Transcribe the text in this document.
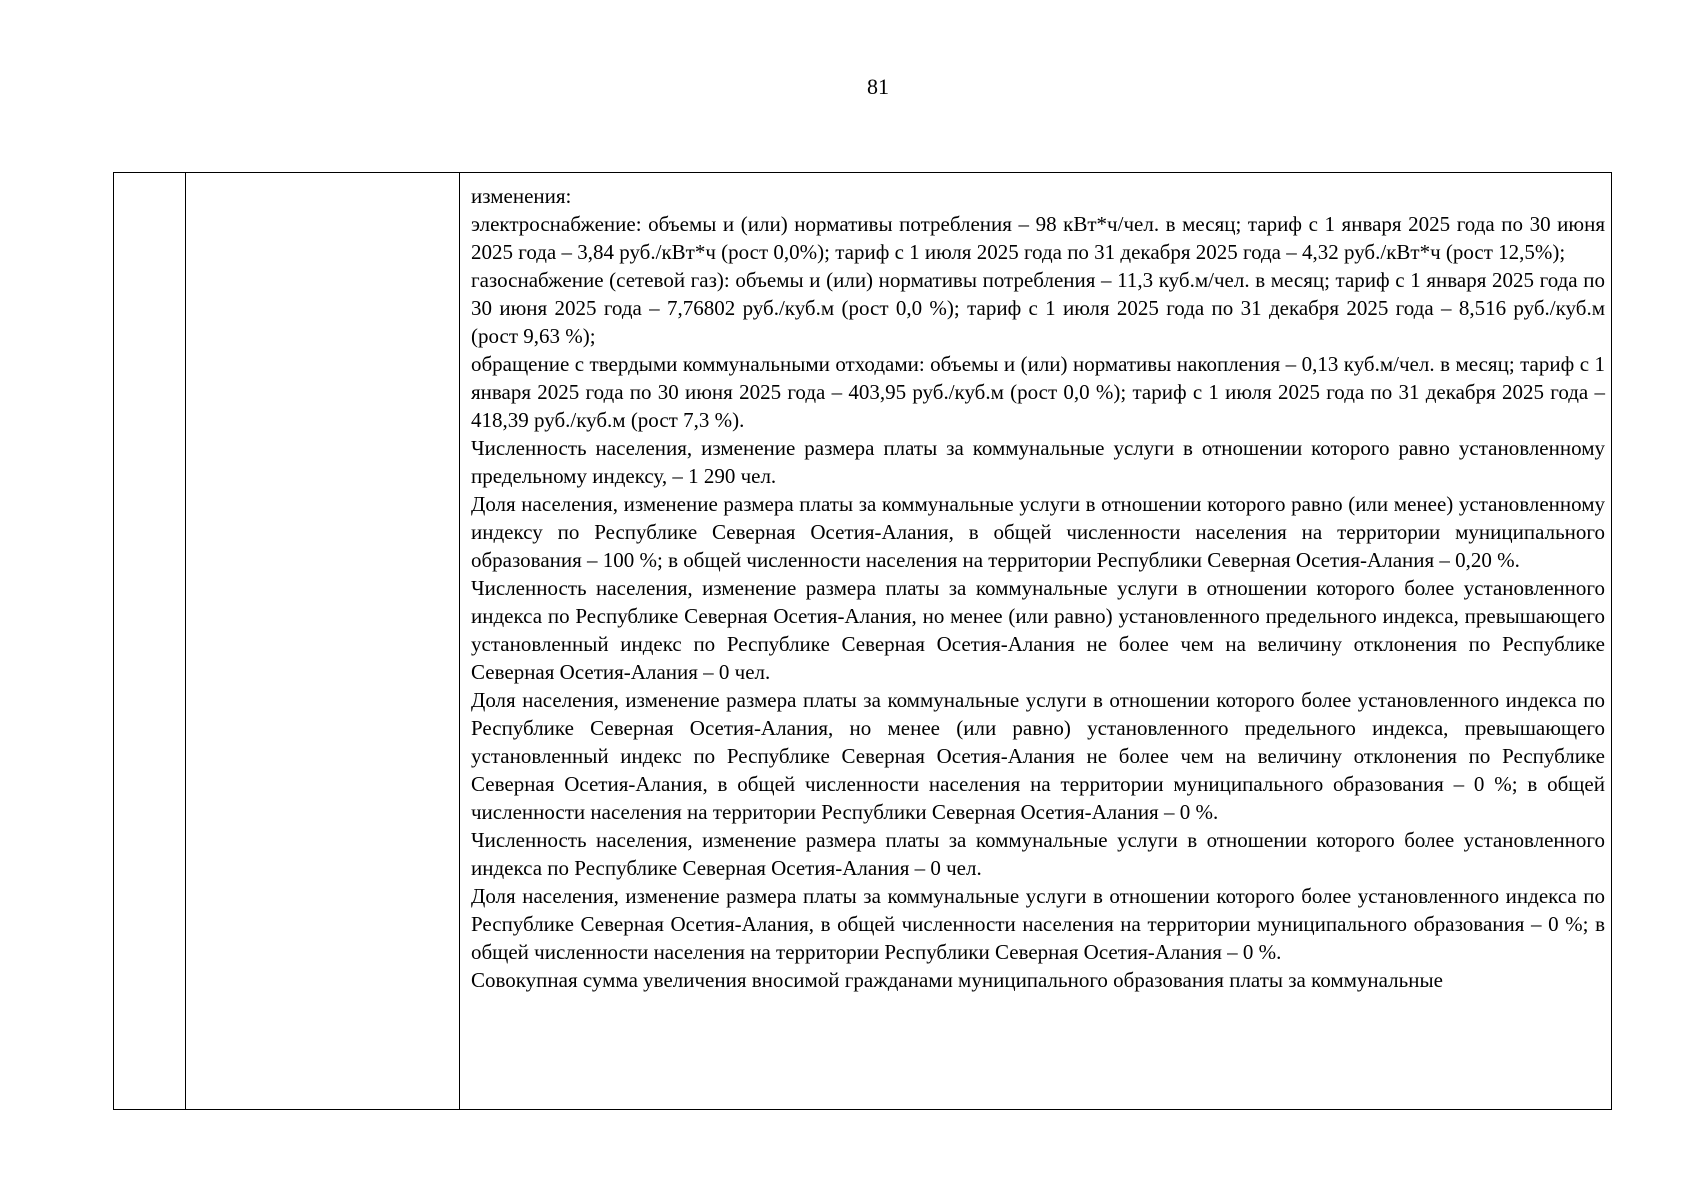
81

изменения:

электроснабжение: объемы и (или) нормативы потребления – 98 кВт*ч/чел. в месяц; тариф с 1 января 2025 года по 30 июня 2025 года – 3,84 руб./кВт*ч (рост 0,0%); тариф с 1 июля 2025 года по 31 декабря 2025 года – 4,32 руб./кВт*ч (рост 12,5%);

газоснабжение (сетевой газ): объемы и (или) нормативы потребления – 11,3 куб.м/чел. в месяц; тариф с 1 января 2025 года по 30 июня 2025 года – 7,76802 руб./куб.м (рост 0,0 %); тариф с 1 июля 2025 года по 31 декабря 2025 года – 8,516 руб./куб.м (рост 9,63 %);

обращение с твердыми коммунальными отходами: объемы и (или) нормативы накопления – 0,13 куб.м/чел. в месяц; тариф с 1 января 2025 года по 30 июня 2025 года – 403,95 руб./куб.м (рост 0,0 %); тариф с 1 июля 2025 года по 31 декабря 2025 года – 418,39 руб./куб.м (рост 7,3 %).

Численность населения, изменение размера платы за коммунальные услуги в отношении которого равно установленному предельному индексу, – 1 290 чел.

Доля населения, изменение размера платы за коммунальные услуги в отношении которого равно (или менее) установленному индексу по Республике Северная Осетия-Алания, в общей численности населения на территории муниципального образования – 100 %; в общей численности населения на территории Республики Северная Осетия-Алания – 0,20 %.

Численность населения, изменение размера платы за коммунальные услуги в отношении которого более установленного индекса по Республике Северная Осетия-Алания, но менее (или равно) установленного предельного индекса, превышающего установленный индекс по Республике Северная Осетия-Алания не более чем на величину отклонения по Республике Северная Осетия-Алания – 0 чел.

Доля населения, изменение размера платы за коммунальные услуги в отношении которого более установленного индекса по Республике Северная Осетия-Алания, но менее (или равно) установленного предельного индекса, превышающего установленный индекс по Республике Северная Осетия-Алания не более чем на величину отклонения по Республике Северная Осетия-Алания, в общей численности населения на территории муниципального образования – 0 %; в общей численности населения на территории Республики Северная Осетия-Алания – 0 %.

Численность населения, изменение размера платы за коммунальные услуги в отношении которого более установленного индекса по Республике Северная Осетия-Алания – 0 чел.

Доля населения, изменение размера платы за коммунальные услуги в отношении которого более установленного индекса по Республике Северная Осетия-Алания, в общей численности населения на территории муниципального образования – 0 %; в общей численности населения на территории Республики Северная Осетия-Алания – 0 %.

Совокупная сумма увеличения вносимой гражданами муниципального образования платы за коммунальные
